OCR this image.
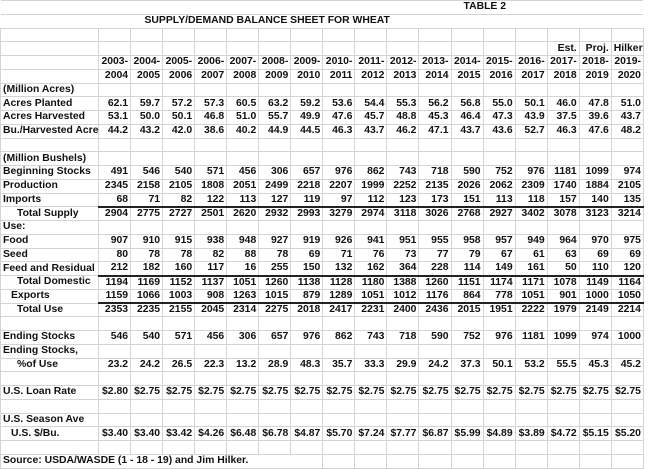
TABLE 2																	
SUPPLY/DEMAND BALANCE SHEET FOR WHEAT																	

															Est.	Proj.	Hilker
	2003-	2004-	2005-	2006-	2007-	2008-	2009-	2010-	2011-	2012-	2013-	2014-	2015-	2016-	2017-	2018-	2019-
	2004	2005	2006	2007	2008	2009	2010	2011	2012	2013	2014	2015	2016	2017	2018	2019	2020
(Million Acres)																	
Acres Planted	62.1	59.7	57.2	57.3	60.5	63.2	59.2	53.6	54.4	55.3	56.2	56.8	55.0	50.1	46.0	47.8	51.0
Acres Harvested	53.1	50.0	50.1	46.8	51.0	55.7	49.9	47.6	45.7	48.8	45.3	46.4	47.3	43.9	37.5	39.6	43.7
Bu./Harvested Acre	44.2	43.2	42.0	38.6	40.2	44.9	44.5	46.3	43.7	46.2	47.1	43.7	43.6	52.7	46.3	47.6	48.2

(Million Bushels)																	
Beginning Stocks	491	546	540	571	456	306	657	976	862	743	718	590	752	976	1181	1099	974
Production	2345	2158	2105	1808	2051	2499	2218	2207	1999	2252	2135	2026	2062	2309	1740	1884	2105
Imports	68	71	82	122	113	127	119	97	112	123	173	151	113	118	157	140	135
Total Supply	2904	2775	2727	2501	2620	2932	2993	3279	2974	3118	3026	2768	2927	3402	3078	3123	3214
Use:																	
Food	907	910	915	938	948	927	919	926	941	951	955	958	957	949	964	970	975
Seed	80	78	78	82	88	78	69	71	76	73	77	79	67	61	63	69	69
Feed and Residual	212	182	160	117	16	255	150	132	162	364	228	114	149	161	50	110	120
Total Domestic	1194	1169	1152	1137	1051	1260	1138	1128	1180	1388	1260	1151	1174	1171	1078	1149	1164
Exports	1159	1066	1003	908	1263	1015	879	1289	1051	1012	1176	864	778	1051	901	1000	1050
Total Use	2353	2235	2155	2045	2314	2275	2018	2417	2231	2400	2436	2015	1951	2222	1979	2149	2214

Ending Stocks	546	540	571	456	306	657	976	862	743	718	590	752	976	1181	1099	974	1000
Ending Stocks,																	
%of Use	23.2	24.2	26.5	22.3	13.2	28.9	48.3	35.7	33.3	29.9	24.2	37.3	50.1	53.2	55.5	45.3	45.2

U.S. Loan Rate	$2.80	$2.75	$2.75	$2.75	$2.75	$2.75	$2.75	$2.75	$2.75	$2.75	$2.75	$2.75	$2.75	$2.75	$2.75	$2.75	$2.75

U.S. Season Ave																	
U.S. $/Bu.	$3.40	$3.40	$3.42	$4.26	$6.48	$6.78	$4.87	$5.70	$7.24	$7.77	$6.87	$5.99	$4.89	$3.89	$4.72	$5.15	$5.20

Source: USDA/WASDE (1 - 18 - 19) and Jim Hilker.																	
